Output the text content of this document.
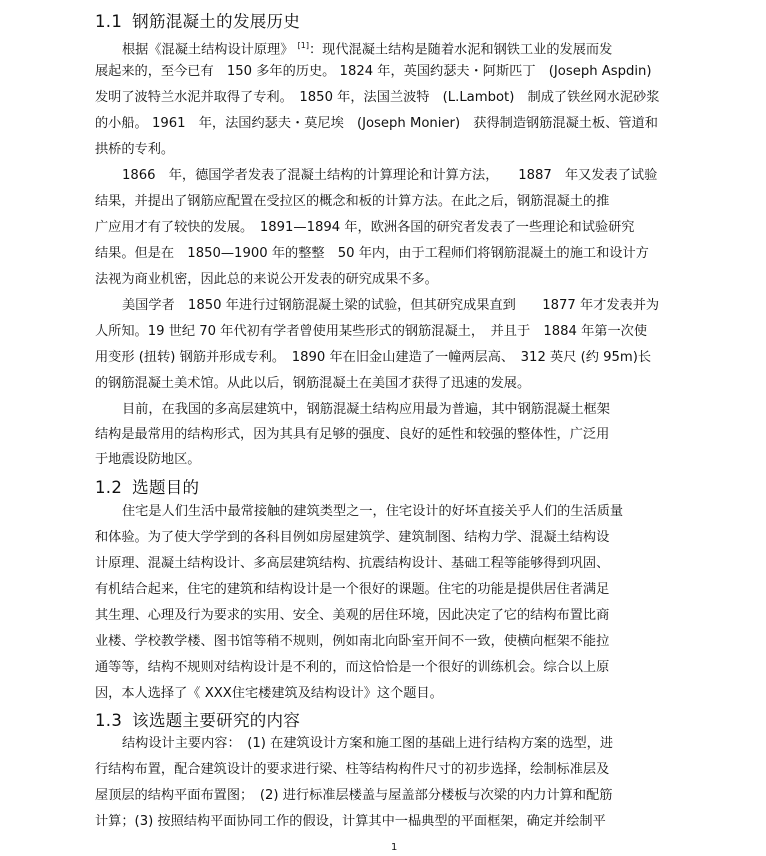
1.1 钢筋混凝土的发展历史
根据《混凝土结构设计原理》 [1]：现代混凝土结构是随着水泥和钢铁工业的发展而发
展起来的，至今已有　150 多年的历史。 1824 年，英国约瑟夫・阿斯匹丁　(Joseph Aspdin)
发明了波特兰水泥并取得了专利。　1850 年，法国兰波特　(L.Lambot)　制成了铁丝网水泥砂浆
的小船。 1961　年，法国约瑟夫・莫尼埃　(Joseph Monier)　获得制造钢筋混凝土板、管道和
拱桥的专利。
1866　年，德国学者发表了混凝土结构的计算理论和计算方法，　　1887　年又发表了试验
结果，并提出了钢筋应配置在受拉区的概念和板的计算方法。在此之后，钢筋混凝土的推
广应用才有了较快的发展。　1891—1894 年，欧洲各国的研究者发表了一些理论和试验研究
结果。但是在　1850—1900 年的整整　50 年内，由于工程师们将钢筋混凝土的施工和设计方
法视为商业机密，因此总的来说公开发表的研究成果不多。
美国学者　1850 年进行过钢筋混凝土梁的试验，但其研究成果直到　　1877 年才发表并为
人所知。19 世纪 70 年代初有学者曾使用某些形式的钢筋混凝土，　并且于　1884 年第一次使
用变形 (扭转) 钢筋并形成专利。　1890 年在旧金山建造了一幢两层高、　312 英尺 (约 95m)长
的钢筋混凝土美术馆。从此以后，钢筋混凝土在美国才获得了迅速的发展。
目前，在我国的多高层建筑中，钢筋混凝土结构应用最为普遍，其中钢筋混凝土框架
结构是最常用的结构形式，因为其具有足够的强度、良好的延性和较强的整体性，广泛用
于地震设防地区。
1.2 选题目的
住宅是人们生活中最常接触的建筑类型之一，住宅设计的好坏直接关乎人们的生活质量
和体验。为了使大学学到的各科目例如房屋建筑学、建筑制图、结构力学、混凝土结构设
计原理、混凝土结构设计、多高层建筑结构、抗震结构设计、基础工程等能够得到巩固、
有机结合起来，住宅的建筑和结构设计是一个很好的课题。住宅的功能是提供居住者满足
其生理、心理及行为要求的实用、安全、美观的居住环境，因此决定了它的结构布置比商
业楼、学校教学楼、图书馆等稍不规则，例如南北向卧室开间不一致，使横向框架不能拉
通等等，结构不规则对结构设计是不利的，而这恰恰是一个很好的训练机会。综合以上原
因，本人选择了《 XXX住宅楼建筑及结构设计》这个题目。
1.3 该选题主要研究的内容
结构设计主要内容：　(1) 在建筑设计方案和施工图的基础上进行结构方案的选型，进
行结构布置，配合建筑设计的要求进行梁、柱等结构构件尺寸的初步选择，绘制标准层及
屋顶层的结构平面布置图；　(2) 进行标准层楼盖与屋盖部分楼板与次梁的内力计算和配筋
计算；(3) 按照结构平面协同工作的假设，计算其中一榀典型的平面框架，确定并绘制平
1
